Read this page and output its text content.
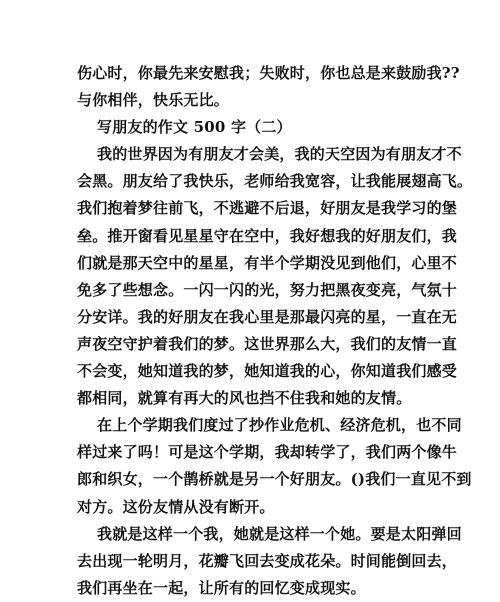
伤心时，你最先来安慰我；失败时，你也总是来鼓励我??
与你相伴，快乐无比。
写朋友的作文 500 字（二）
我的世界因为有朋友才会美，我的天空因为有朋友才不
会黑。朋友给了我快乐，老师给我宽容，让我能展翅高飞。
我们抱着梦往前飞，不逃避不后退，好朋友是我学习的堡
垒。推开窗看见星星守在空中，我好想我的好朋友们，我
们就是那天空中的星星，有半个学期没见到他们，心里不
免多了些想念。一闪一闪的光，努力把黑夜变亮，气氛十
分安详。我的好朋友在我心里是那最闪亮的星，一直在无
声夜空守护着我们的梦。这世界那么大，我们的友情一直
不会变，她知道我的梦，她知道我的心，你知道我们感受
都相同，就算有再大的风也挡不住我和她的友情。
在上个学期我们度过了抄作业危机、经济危机，也不同
样过来了吗！可是这个学期，我却转学了，我们两个像牛
郎和织女，一个鹊桥就是另一个好朋友。()我们一直见不到
对方。这份友情从没有断开。
我就是这样一个我，她就是这样一个她。要是太阳弹回
去出现一轮明月，花瓣飞回去变成花朵。时间能倒回去，
我们再坐在一起，让所有的回忆变成现实。
